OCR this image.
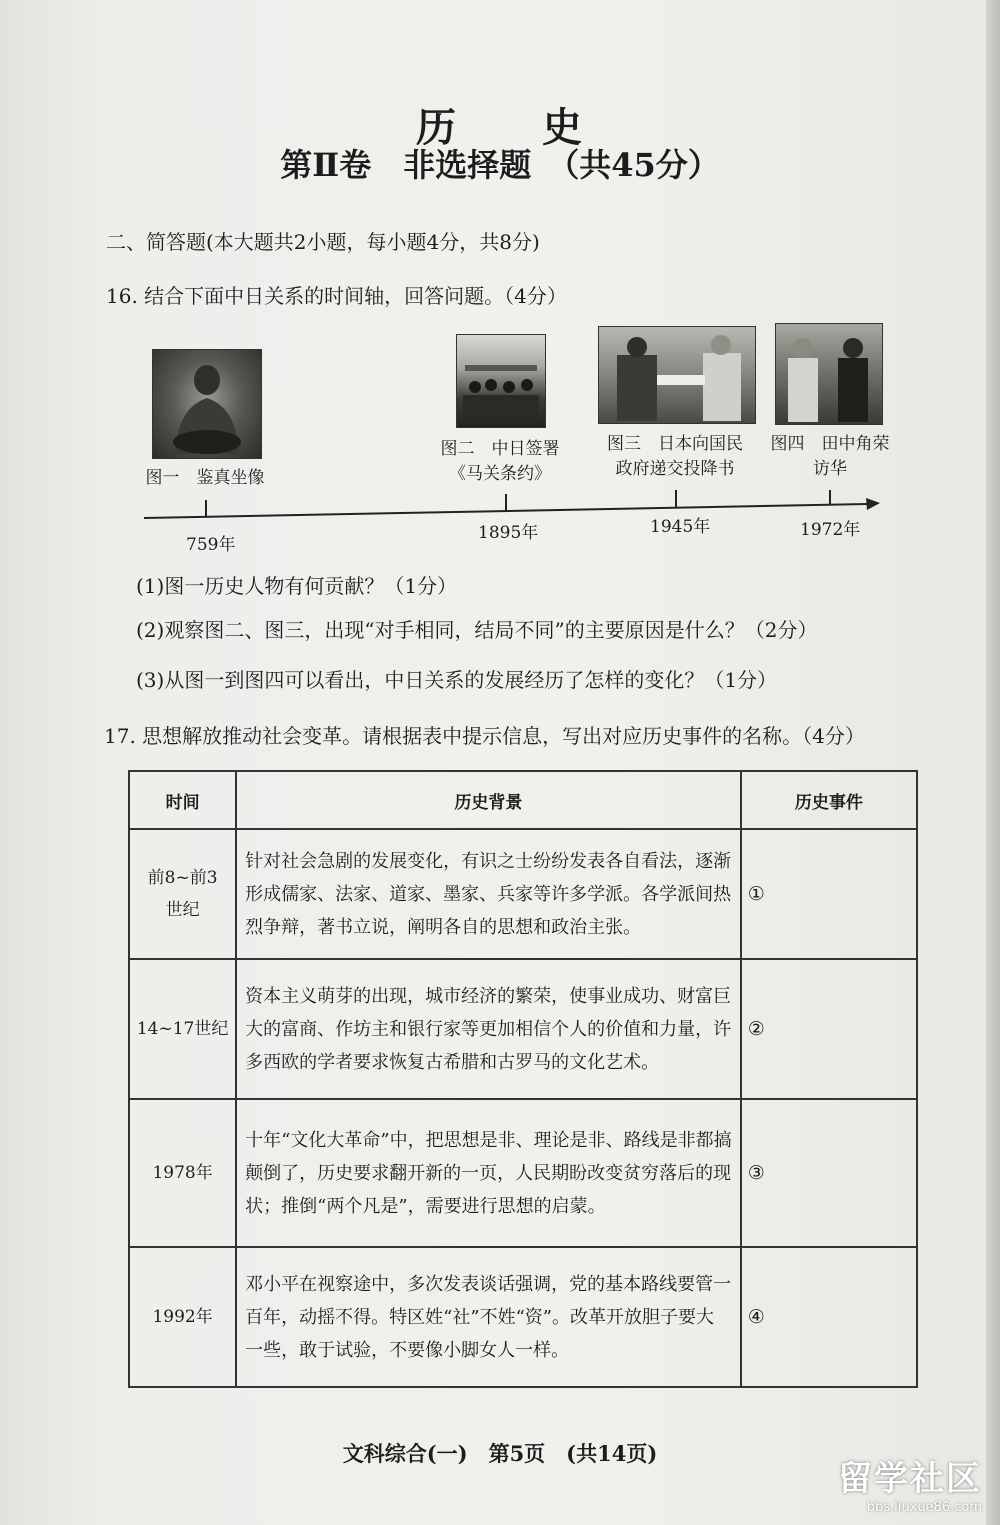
历　　史
第Ⅱ卷　非选择题　（共45分）
二、简答题(本大题共2小题，每小题4分，共8分)
16. 结合下面中日关系的时间轴，回答问题。（4分）
图一　鉴真坐像
图二　中日签署
《马关条约》
图三　日本向国民
政府递交投降书
图四　田中角荣
访华
759年
1895年	1945年	1972年
(1)图一历史人物有何贡献？（1分）
(2)观察图二、图三，出现“对手相同，结局不同”的主要原因是什么？（2分）
(3)从图一到图四可以看出，中日关系的发展经历了怎样的变化？（1分）
17. 思想解放推动社会变革。请根据表中提示信息，写出对应历史事件的名称。（4分）
时间	历史背景	历史事件

前8~前3
世纪	针对社会急剧的发展变化，有识之士纷纷发表各自看法，逐渐形成儒家、法家、道家、墨家、兵家等许多学派。各学派间热烈争辩，著书立说，阐明各自的思想和政治主张。	①
14~17世纪	资本主义萌芽的出现，城市经济的繁荣，使事业成功、财富巨大的富商、作坊主和银行家等更加相信个人的价值和力量，许多西欧的学者要求恢复古希腊和古罗马的文化艺术。	②
1978年	十年“文化大革命”中，把思想是非、理论是非、路线是非都搞颠倒了，历史要求翻开新的一页，人民期盼改变贫穷落后的现状；推倒“两个凡是”，需要进行思想的启蒙。	③
1992年	邓小平在视察途中，多次发表谈话强调，党的基本路线要管一百年，动摇不得。特区姓“社”不姓“资”。改革开放胆子要大一些，敢于试验，不要像小脚女人一样。	④
文科综合(一)　第5页　(共14页)
留学社区
bbs.liuxue86.com
